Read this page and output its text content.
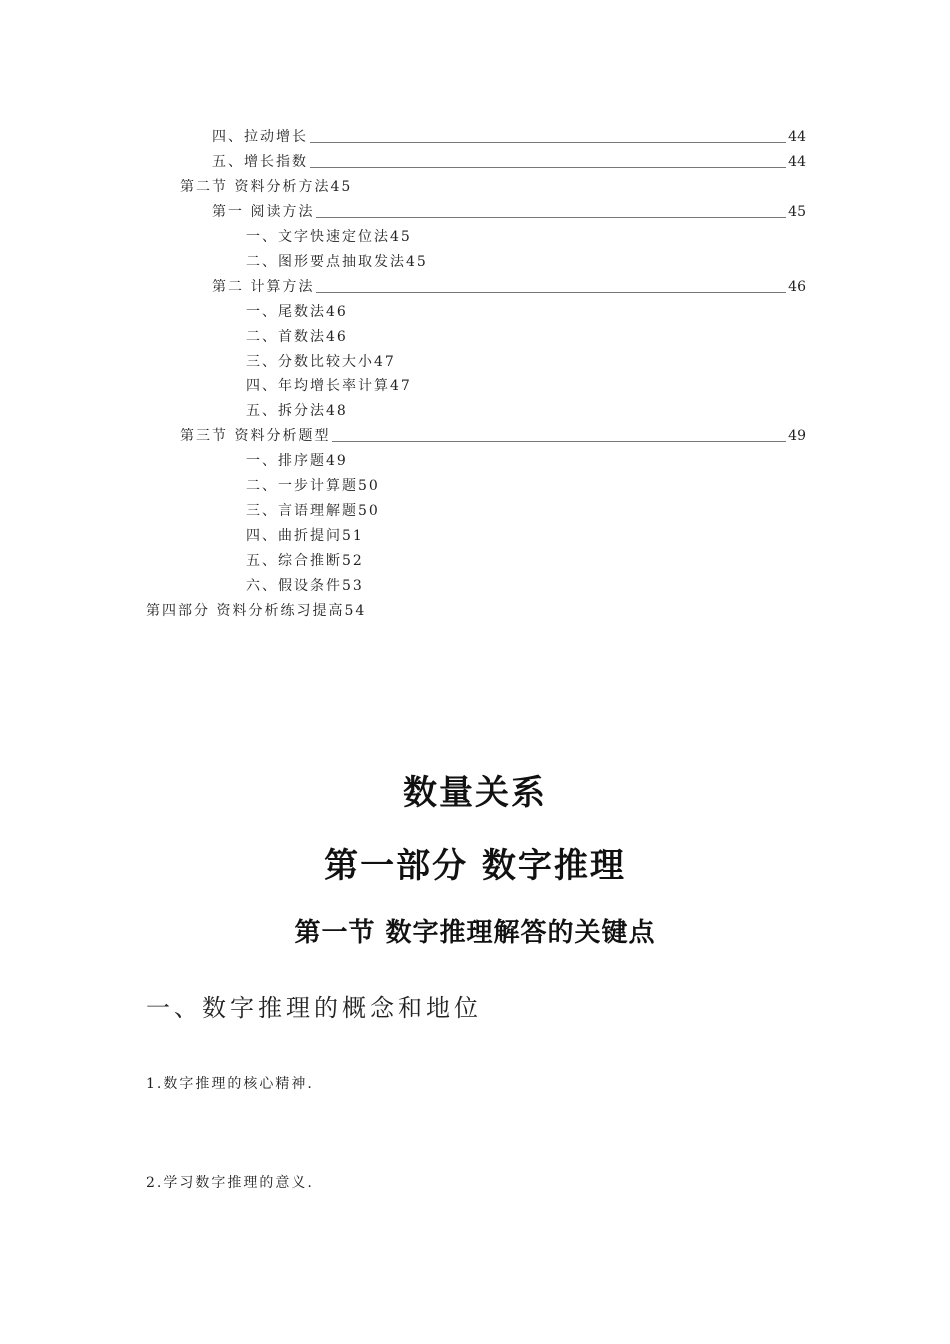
四、拉动增长	44
五、增长指数	44
第二节 资料分析方法45
第一 阅读方法	45
一、文字快速定位法45
二、图形要点抽取发法45
第二 计算方法	46
一、尾数法46
二、首数法46
三、分数比较大小47
四、年均增长率计算47
五、拆分法48
第三节 资料分析题型	49
一、排序题49
二、一步计算题50
三、言语理解题50
四、曲折提问51
五、综合推断52
六、假设条件53
第四部分 资料分析练习提高54
数量关系
第一部分 数字推理
第一节 数字推理解答的关键点
一、数字推理的概念和地位
1.数字推理的核心精神.
2.学习数字推理的意义.
